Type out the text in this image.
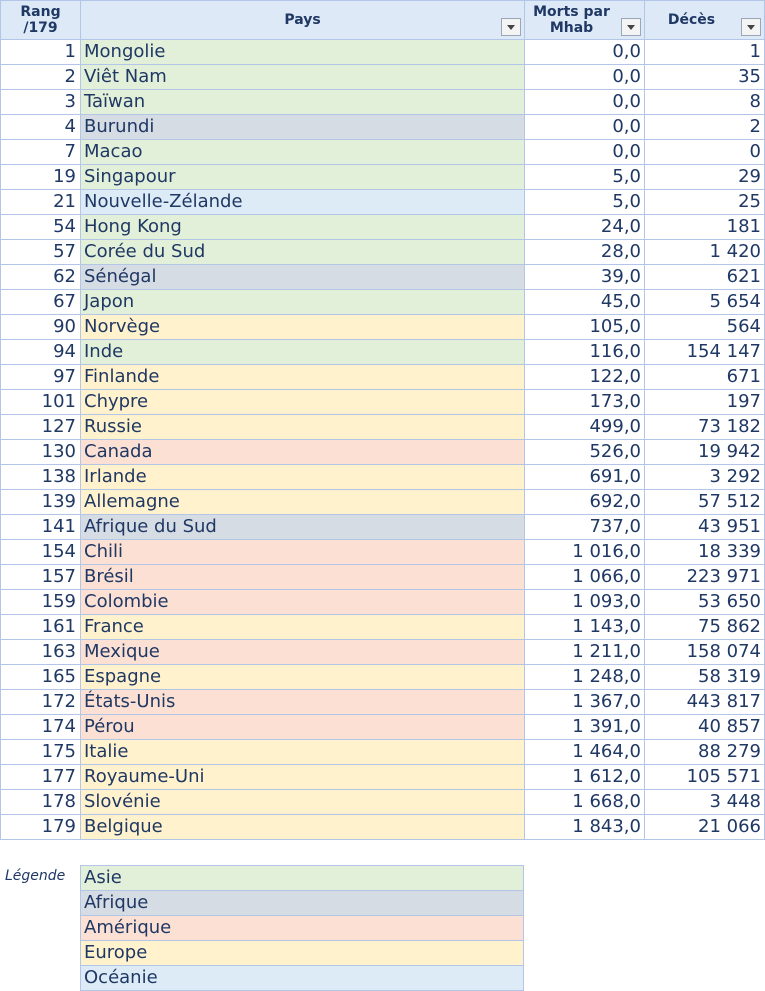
Rang /179	Pays	Morts par Mhab	Décès

1	Mongolie	0,0	1
2	Viêt Nam	0,0	35
3	Taïwan	0,0	8
4	Burundi	0,0	2
7	Macao	0,0	0
19	Singapour	5,0	29
21	Nouvelle-Zélande	5,0	25
54	Hong Kong	24,0	181
57	Corée du Sud	28,0	1 420
62	Sénégal	39,0	621
67	Japon	45,0	5 654
90	Norvège	105,0	564
94	Inde	116,0	154 147
97	Finlande	122,0	671
101	Chypre	173,0	197
127	Russie	499,0	73 182
130	Canada	526,0	19 942
138	Irlande	691,0	3 292
139	Allemagne	692,0	57 512
141	Afrique du Sud	737,0	43 951
154	Chili	1 016,0	18 339
157	Brésil	1 066,0	223 971
159	Colombie	1 093,0	53 650
161	France	1 143,0	75 862
163	Mexique	1 211,0	158 074
165	Espagne	1 248,0	58 319
172	États-Unis	1 367,0	443 817
174	Pérou	1 391,0	40 857
175	Italie	1 464,0	88 279
177	Royaume-Uni	1 612,0	105 571
178	Slovénie	1 668,0	3 448
179	Belgique	1 843,0	21 066
Légende Asie
Afrique
Amérique
Europe
Océanie
